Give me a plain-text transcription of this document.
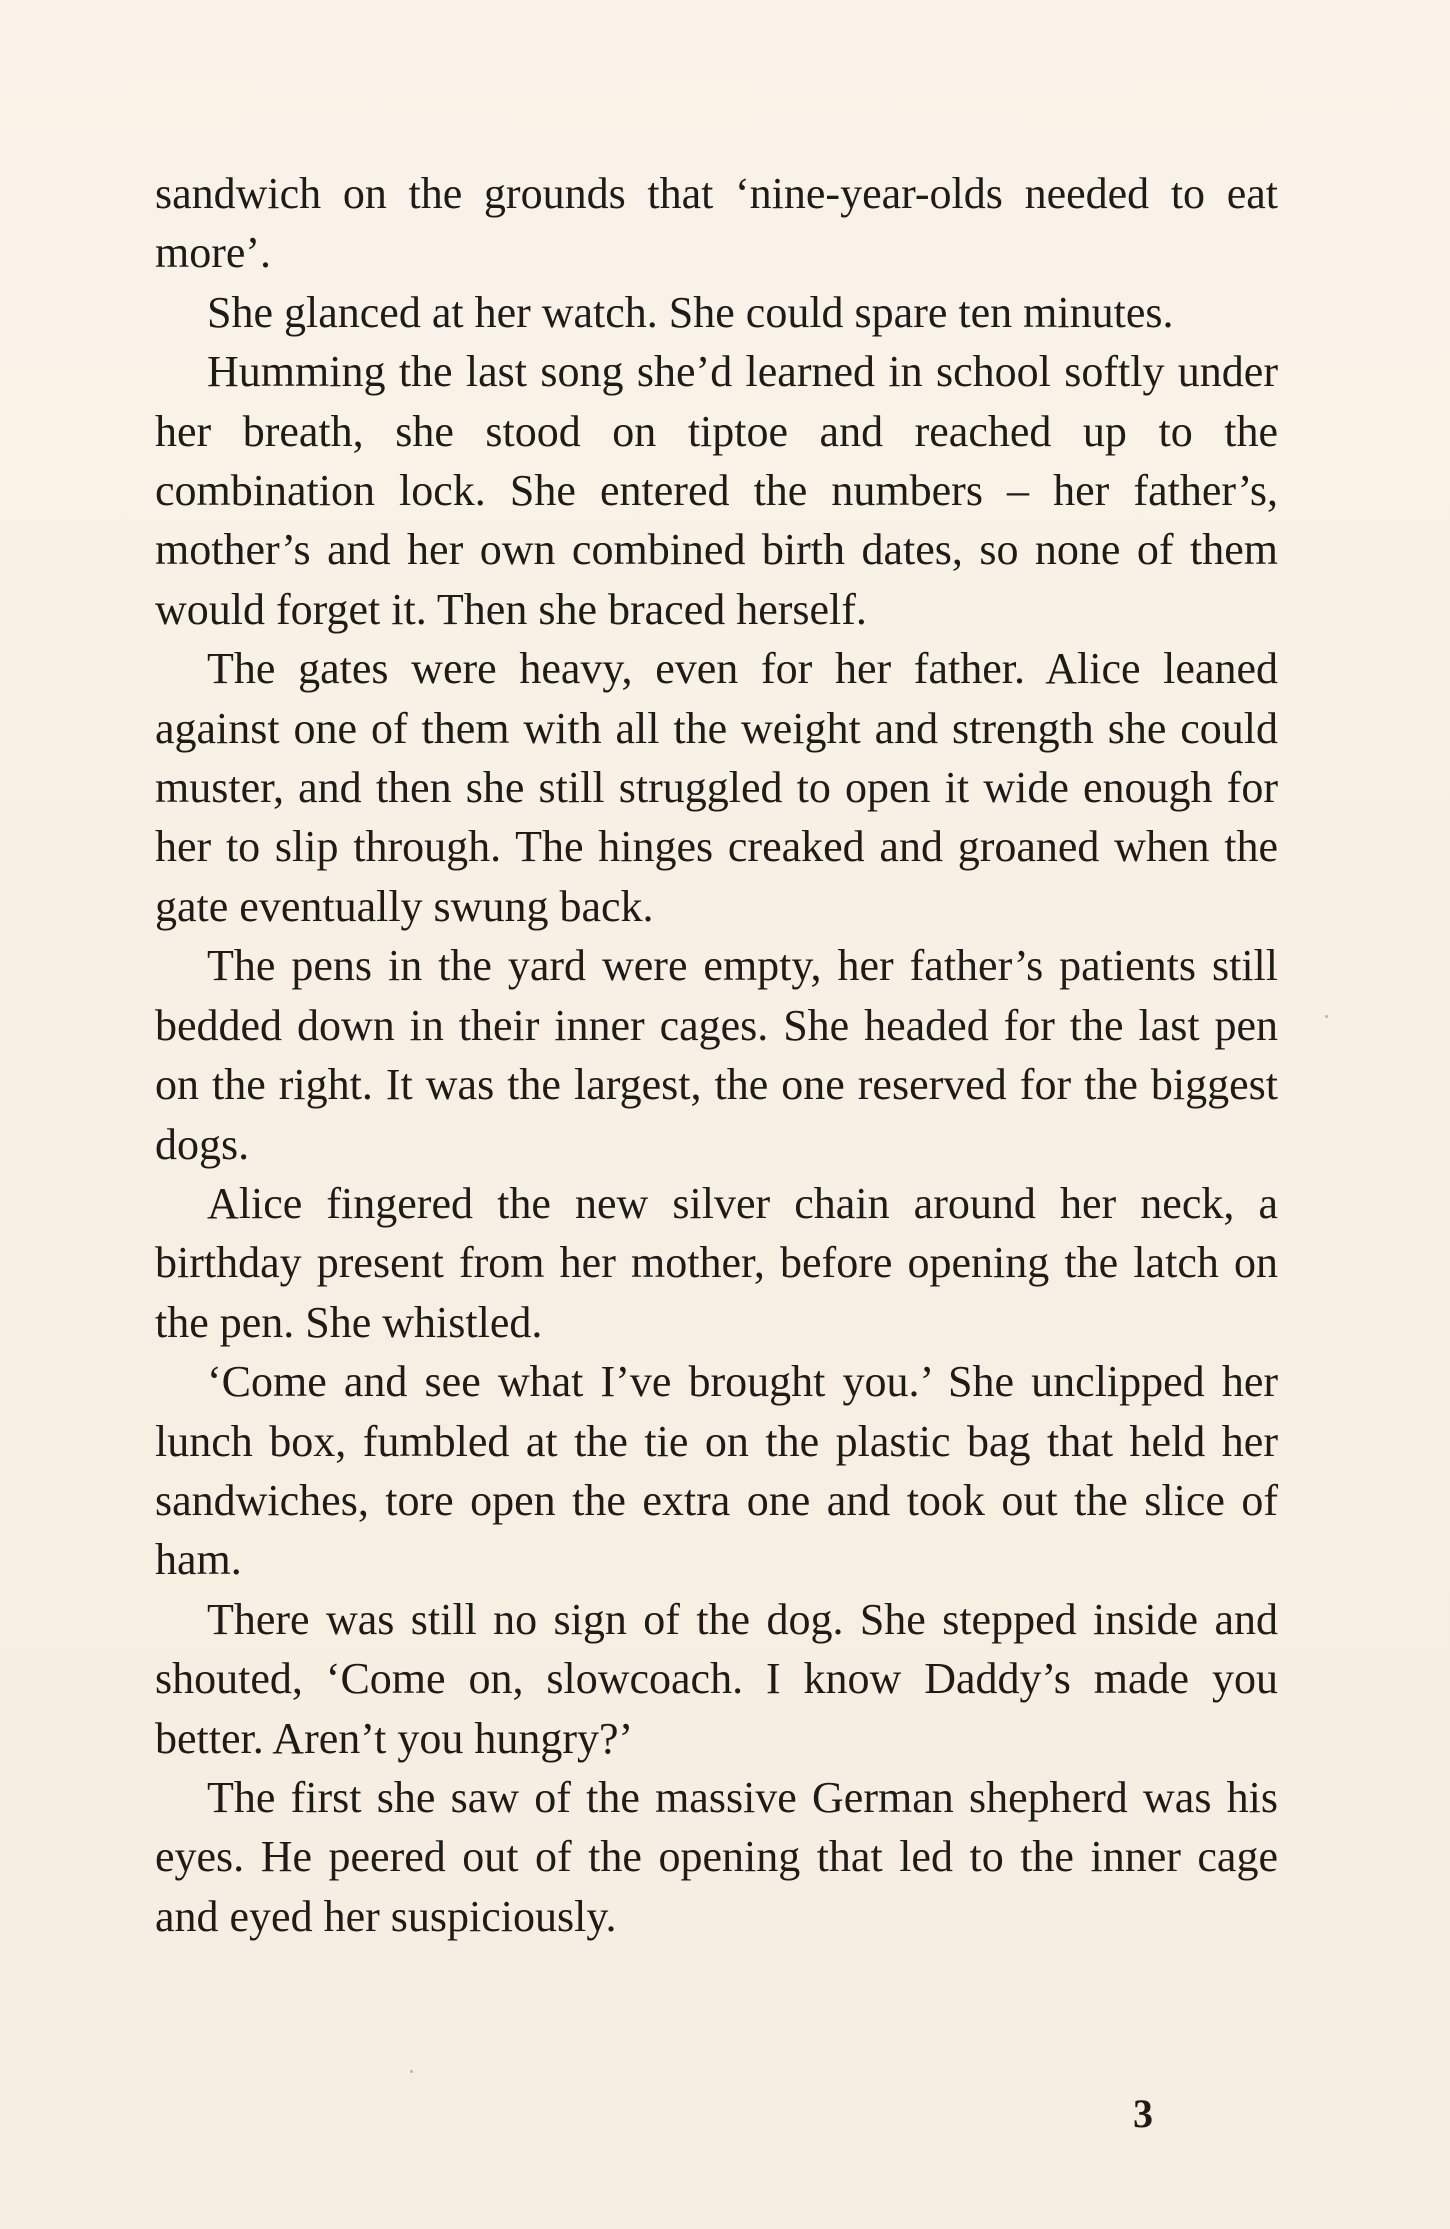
sandwich on the grounds that ‘nine-year-olds needed to eat more’.

She glanced at her watch. She could spare ten minutes.

Humming the last song she’d learned in school softly under her breath, she stood on tiptoe and reached up to the combination lock. She entered the numbers – her father’s, mother’s and her own combined birth dates, so none of them would forget it. Then she braced herself.

The gates were heavy, even for her father. Alice leaned against one of them with all the weight and strength she could muster, and then she still struggled to open it wide enough for her to slip through. The hinges creaked and groaned when the gate eventually swung back.

The pens in the yard were empty, her father’s patients still bedded down in their inner cages. She headed for the last pen on the right. It was the largest, the one reserved for the biggest dogs.

Alice fingered the new silver chain around her neck, a birthday present from her mother, before opening the latch on the pen. She whistled.

‘Come and see what I’ve brought you.’ She unclipped her lunch box, fumbled at the tie on the plastic bag that held her sandwiches, tore open the extra one and took out the slice of ham.

There was still no sign of the dog. She stepped inside and shouted, ‘Come on, slowcoach. I know Daddy’s made you better. Aren’t you hungry?’

The first she saw of the massive German shepherd was his eyes. He peered out of the opening that led to the inner cage and eyed her suspiciously.

3
